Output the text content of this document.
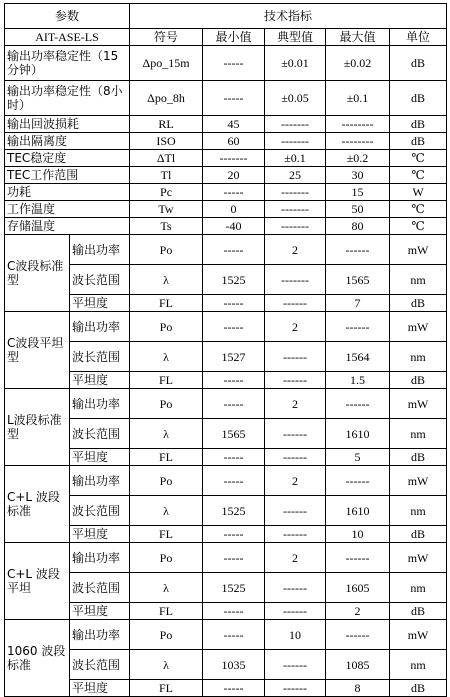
参数		技术指标				
AIT-ASE-LS		符号	最小值	典型值	最大值	单位
输出功率稳定性（15分钟）		Δpo_15m	-----	±0.01	±0.02	dB
输出功率稳定性（8小时）		Δpo_8h	-----	±0.05	±0.1	dB
输出回波损耗		RL	45	-------	--------	dB
输出隔离度		ISO	60	-------	--------	dB
TEC稳定度		ΔTl	-------	±0.1	±0.2	℃
TEC工作范围		Tl	20	25	30	℃
功耗		Pc	-----	-------	15	W
工作温度		Tw	0	-------	50	℃
存储温度		Ts	-40	-------	80	℃
C波段标准型	输出功率	Po	-----	2	------	mW
	波长范围	λ	1525	-------	1565	nm
	平坦度	FL	-----	------	7	dB
C波段平坦型	输出功率	Po	-----	2	------	mW
	波长范围	λ	1527	------	1564	nm
	平坦度	FL	-----	------	1.5	dB
L波段标准型	输出功率	Po	-----	2	------	mW
	波长范围	λ	1565	------	1610	nm
	平坦度	FL	-----	------	5	dB
C+L 波段标准	输出功率	Po	-----	2	------	mW
	波长范围	λ	1525	------	1610	nm
	平坦度	FL	-----	------	10	dB
C+L 波段平坦	输出功率	Po	-----	2	------	mW
	波长范围	λ	1525	------	1605	nm
	平坦度	FL	-----	------	2	dB
1060 波段标准	输出功率	Po	-----	10	------	mW
	波长范围	λ	1035	------	1085	nm
	平坦度	FL	-----	------	8	dB
